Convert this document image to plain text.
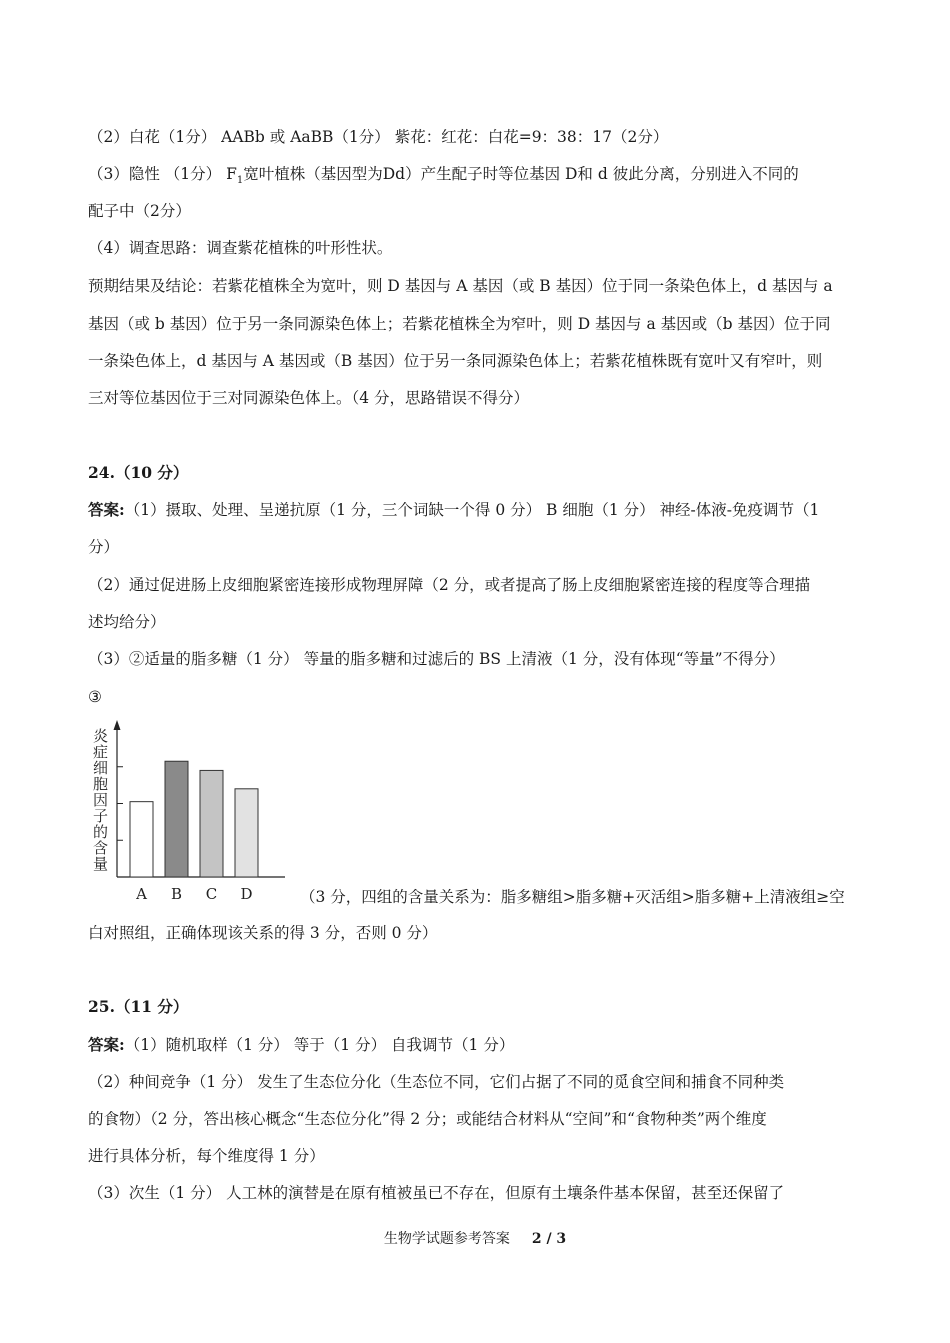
（2）白花（1分） AABb 或 AaBB（1分） 紫花：红花：白花=9：38：17（2分）
（3）隐性 （1分） $F_1$宽叶植株（基因型为Dd）产生配子时等位基因 D和 d 彼此分离，分别进入不同的
配子中（2分）
（4）调查思路：调查紫花植株的叶形性状。
预期结果及结论：若紫花植株全为宽叶，则 D 基因与 A 基因（或 B 基因）位于同一条染色体上，d 基因与 a
基因（或 b 基因）位于另一条同源染色体上；若紫花植株全为窄叶，则 D 基因与 a 基因或（b 基因）位于同
一条染色体上，d 基因与 A 基因或（B 基因）位于另一条同源染色体上；若紫花植株既有宽叶又有窄叶，则
三对等位基因位于三对同源染色体上。（4 分，思路错误不得分）
24.（10 分）
答案:（1）摄取、处理、呈递抗原（1 分，三个词缺一个得 0 分） B 细胞（1 分） 神经-体液-免疫调节（1
分）
（2）通过促进肠上皮细胞紧密连接形成物理屏障（2 分，或者提高了肠上皮细胞紧密连接的程度等合理描
述均给分）
（3）②适量的脂多糖（1 分） 等量的脂多糖和过滤后的 BS 上清液（1 分，没有体现“等量”不得分）
③
A B C D
炎症细胞因子的含量
（3 分，四组的含量关系为：脂多糖组>脂多糖+灭活组>脂多糖+上清液组≥空
白对照组，正确体现该关系的得 3 分，否则 0 分）
25.（11 分）
答案:（1）随机取样（1 分） 等于（1 分） 自我调节（1 分）
（2）种间竞争（1 分） 发生了生态位分化（生态位不同，它们占据了不同的觅食空间和捕食不同种类
的食物）（2 分，答出核心概念“生态位分化”得 2 分；或能结合材料从“空间”和“食物种类”两个维度
进行具体分析，每个维度得 1 分）
（3）次生（1 分） 人工林的演替是在原有植被虽已不存在，但原有土壤条件基本保留，甚至还保留了
生物学试题参考答案 2 / 3
